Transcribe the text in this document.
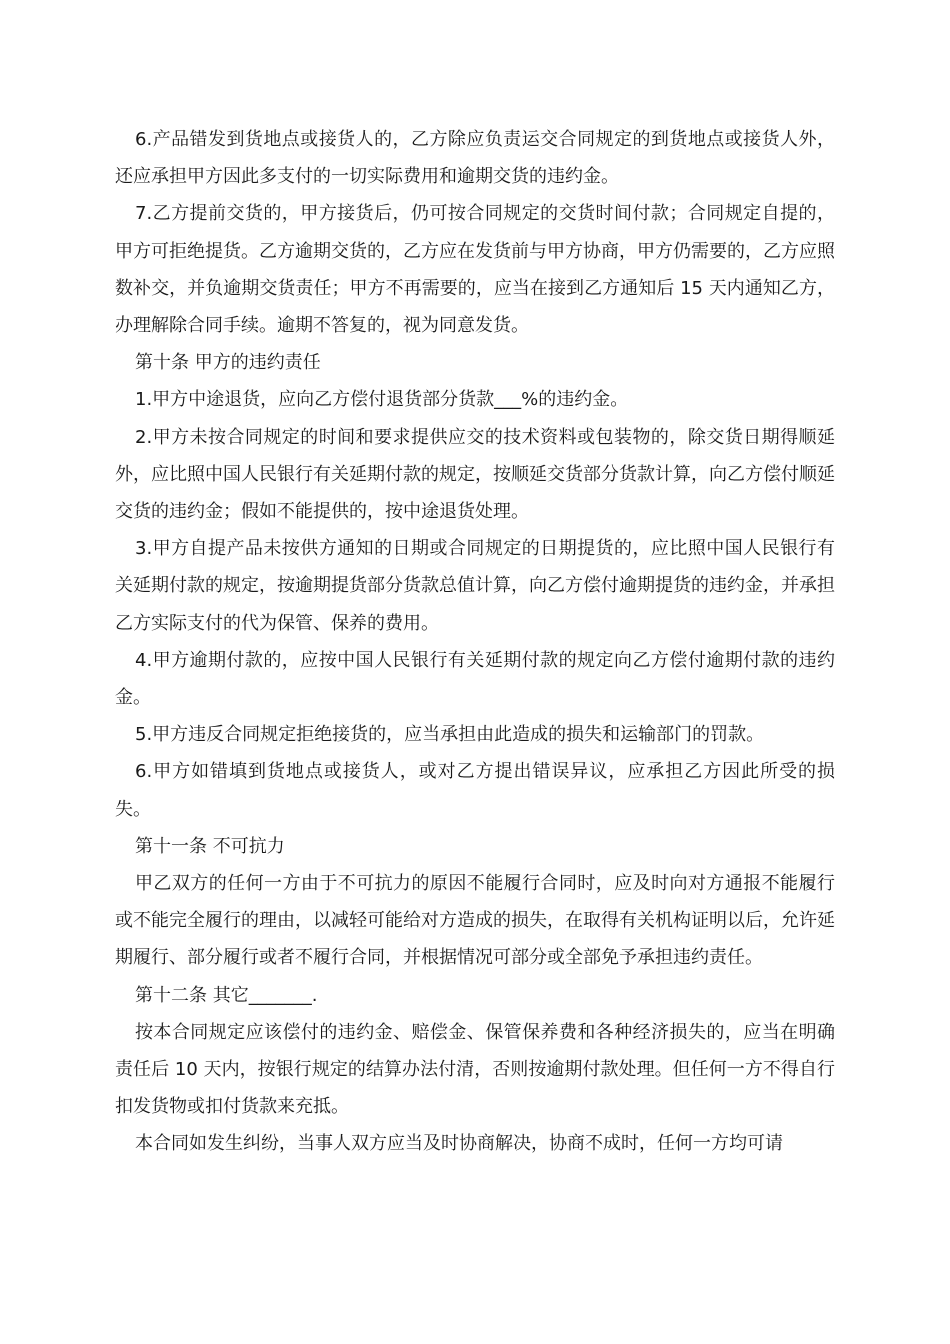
6.产品错发到货地点或接货人的，乙方除应负责运交合同规定的到货地点或接货人外，还应承担甲方因此多支付的一切实际费用和逾期交货的违约金。

7.乙方提前交货的，甲方接货后，仍可按合同规定的交货时间付款；合同规定自提的，甲方可拒绝提货。乙方逾期交货的，乙方应在发货前与甲方协商，甲方仍需要的，乙方应照数补交，并负逾期交货责任；甲方不再需要的，应当在接到乙方通知后 15 天内通知乙方，办理解除合同手续。逾期不答复的，视为同意发货。

第十条 甲方的违约责任

1.甲方中途退货，应向乙方偿付退货部分货款___%的违约金。

2.甲方未按合同规定的时间和要求提供应交的技术资料或包装物的，除交货日期得顺延外，应比照中国人民银行有关延期付款的规定，按顺延交货部分货款计算，向乙方偿付顺延交货的违约金；假如不能提供的，按中途退货处理。

3.甲方自提产品未按供方通知的日期或合同规定的日期提货的，应比照中国人民银行有关延期付款的规定，按逾期提货部分货款总值计算，向乙方偿付逾期提货的违约金，并承担乙方实际支付的代为保管、保养的费用。

4.甲方逾期付款的，应按中国人民银行有关延期付款的规定向乙方偿付逾期付款的违约金。

5.甲方违反合同规定拒绝接货的，应当承担由此造成的损失和运输部门的罚款。

6.甲方如错填到货地点或接货人，或对乙方提出错误异议，应承担乙方因此所受的损失。

第十一条 不可抗力

甲乙双方的任何一方由于不可抗力的原因不能履行合同时，应及时向对方通报不能履行或不能完全履行的理由，以减轻可能给对方造成的损失，在取得有关机构证明以后，允许延期履行、部分履行或者不履行合同，并根据情况可部分或全部免予承担违约责任。

第十二条 其它_______.

按本合同规定应该偿付的违约金、赔偿金、保管保养费和各种经济损失的，应当在明确责任后 10 天内，按银行规定的结算办法付清，否则按逾期付款处理。但任何一方不得自行扣发货物或扣付货款来充抵。

本合同如发生纠纷，当事人双方应当及时协商解决，协商不成时，任何一方均可请
